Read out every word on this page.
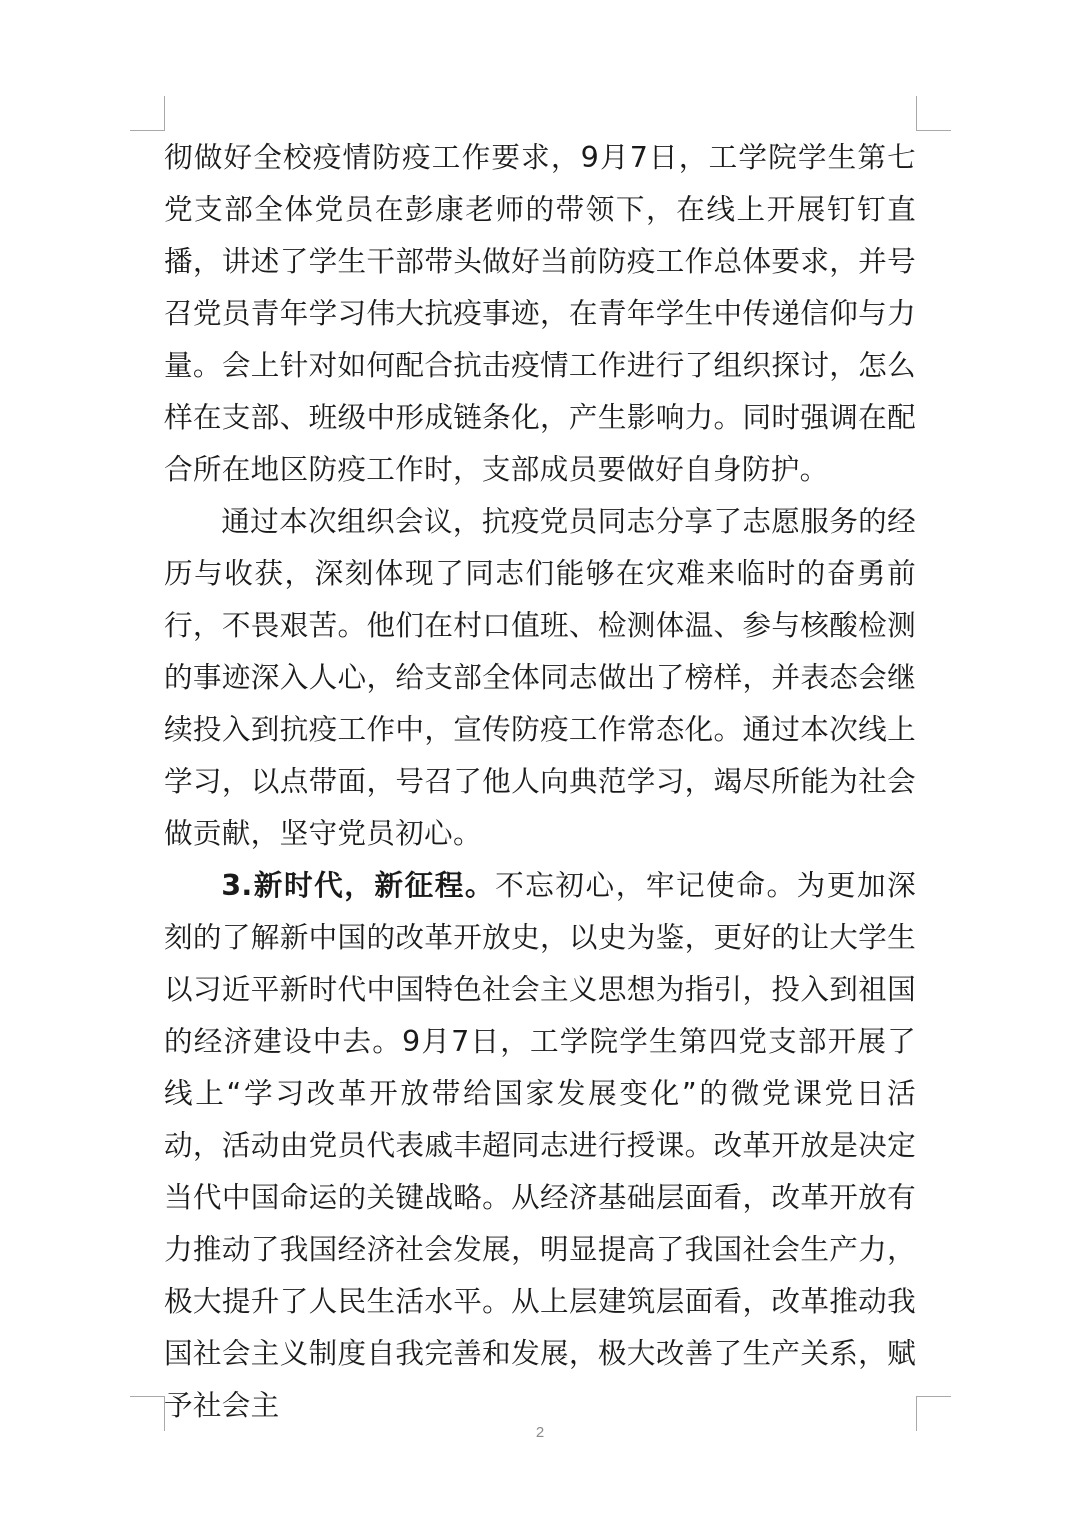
彻做好全校疫情防疫工作要求，9月7日，工学院学生第七党支部全体党员在彭康老师的带领下，在线上开展钉钉直播，讲述了学生干部带头做好当前防疫工作总体要求，并号召党员青年学习伟大抗疫事迹，在青年学生中传递信仰与力量。会上针对如何配合抗击疫情工作进行了组织探讨，怎么样在支部、班级中形成链条化，产生影响力。同时强调在配合所在地区防疫工作时，支部成员要做好自身防护。

通过本次组织会议，抗疫党员同志分享了志愿服务的经历与收获，深刻体现了同志们能够在灾难来临时的奋勇前行，不畏艰苦。他们在村口值班、检测体温、参与核酸检测的事迹深入人心，给支部全体同志做出了榜样，并表态会继续投入到抗疫工作中，宣传防疫工作常态化。通过本次线上学习，以点带面，号召了他人向典范学习，竭尽所能为社会做贡献，坚守党员初心。

3.新时代，新征程。不忘初心，牢记使命。为更加深刻的了解新中国的改革开放史，以史为鉴，更好的让大学生以习近平新时代中国特色社会主义思想为指引，投入到祖国的经济建设中去。9月7日，工学院学生第四党支部开展了线上“学习改革开放带给国家发展变化”的微党课党日活动，活动由党员代表戚丰超同志进行授课。改革开放是决定当代中国命运的关键战略。从经济基础层面看，改革开放有力推动了我国经济社会发展，明显提高了我国社会生产力，极大提升了人民生活水平。从上层建筑层面看，改革推动我国社会主义制度自我完善和发展，极大改善了生产关系，赋予社会主

2
